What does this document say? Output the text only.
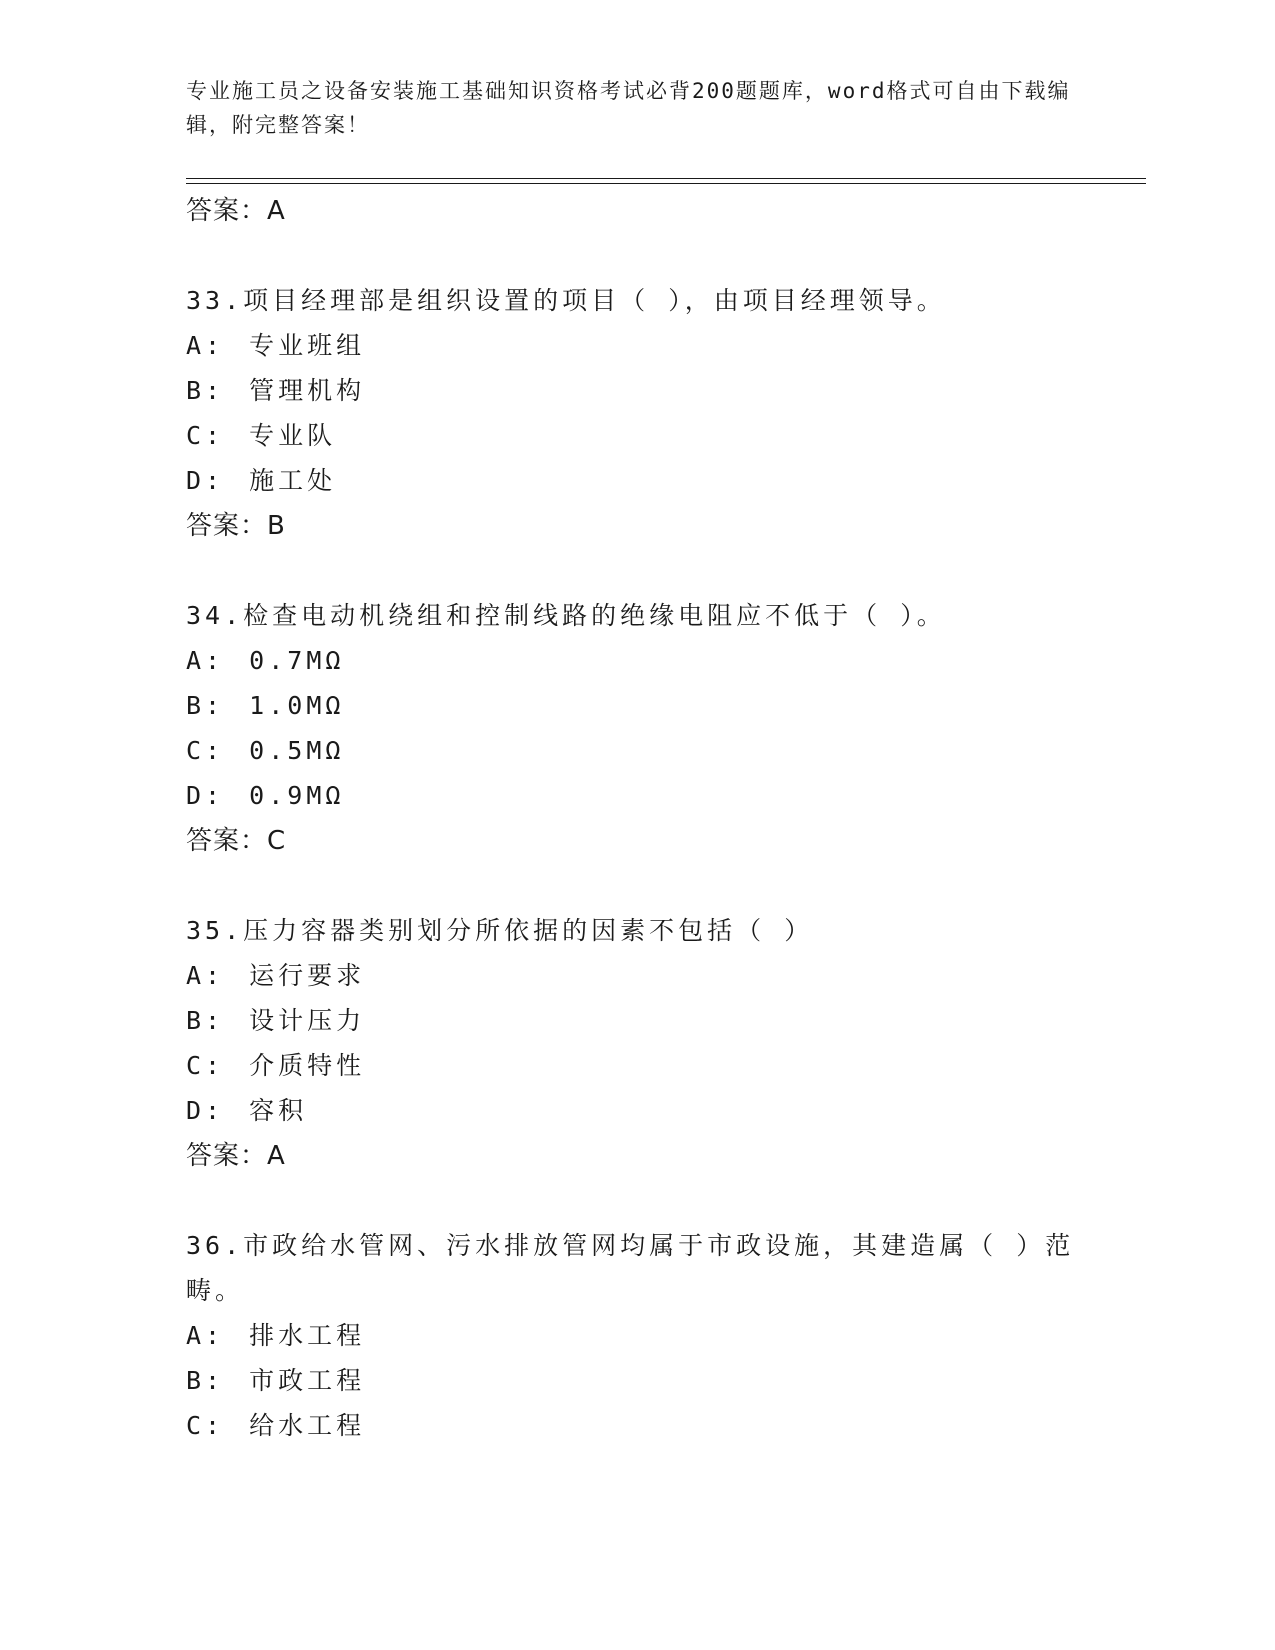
专业施工员之设备安装施工基础知识资格考试必背200题题库，word格式可自由下载编辑，附完整答案！
答案：A
33.项目经理部是组织设置的项目（ ），由项目经理领导。
A: 专业班组
B: 管理机构
C: 专业队
D: 施工处
答案：B
34.检查电动机绕组和控制线路的绝缘电阻应不低于（ ）。
A: 0.7MΩ
B: 1.0MΩ
C: 0.5MΩ
D: 0.9MΩ
答案：C
35.压力容器类别划分所依据的因素不包括（ ）
A: 运行要求
B: 设计压力
C: 介质特性
D: 容积
答案：A
36.市政给水管网、污水排放管网均属于市政设施，其建造属（ ）范畴。
A: 排水工程
B: 市政工程
C: 给水工程
